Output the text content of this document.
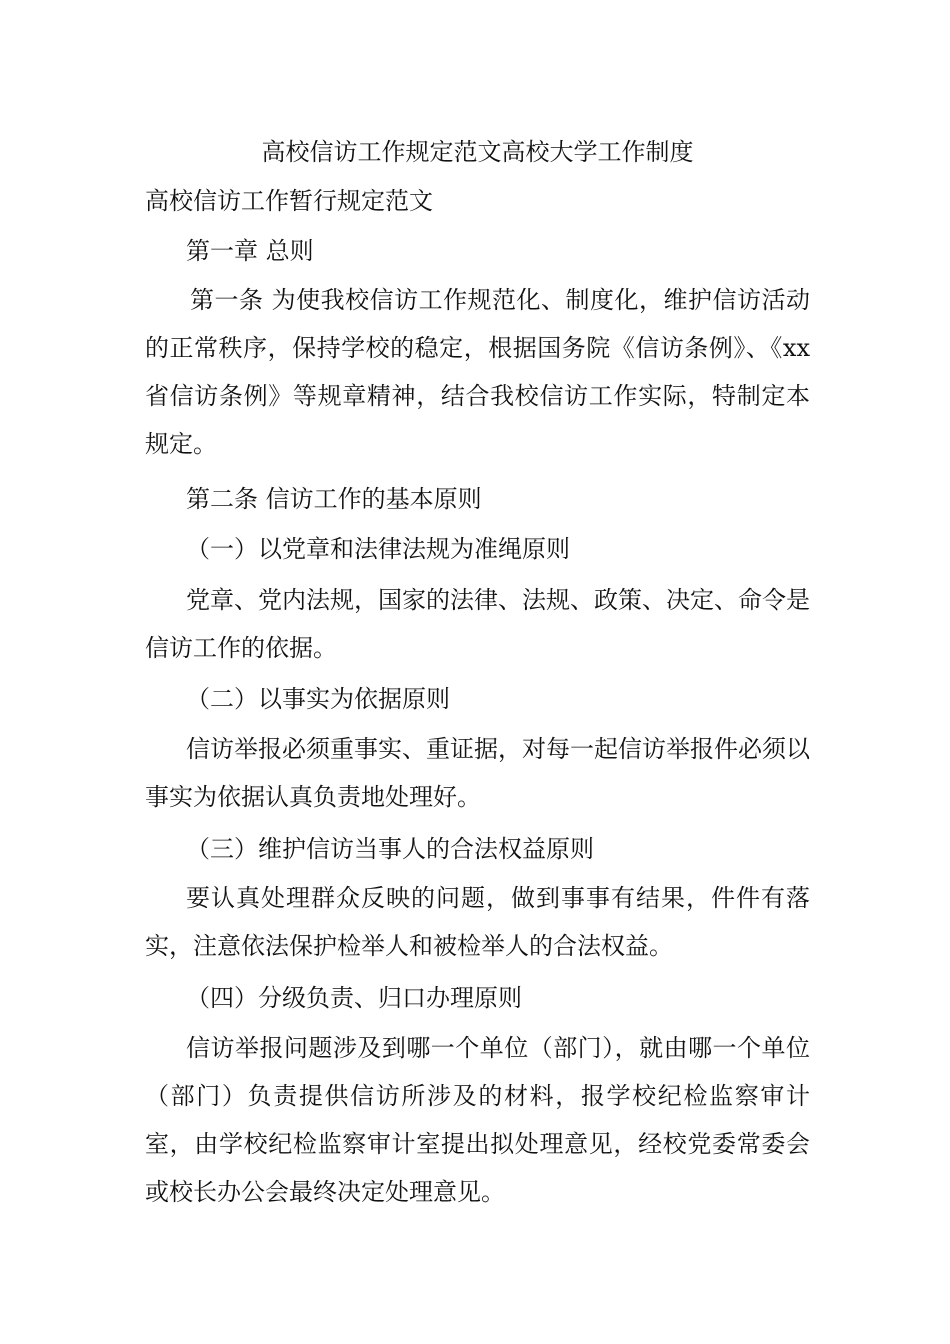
高校信访工作规定范文高校大学工作制度
高校信访工作暂行规定范文
第一章 总则
第一条 为使我校信访工作规范化、制度化，维护信访活动的正常秩序，保持学校的稳定，根据国务院《信访条例》、《xx省信访条例》等规章精神，结合我校信访工作实际，特制定本规定。
第二条 信访工作的基本原则
（一）以党章和法律法规为准绳原则
党章、党内法规，国家的法律、法规、政策、决定、命令是信访工作的依据。
（二）以事实为依据原则
信访举报必须重事实、重证据，对每一起信访举报件必须以事实为依据认真负责地处理好。
（三）维护信访当事人的合法权益原则
要认真处理群众反映的问题，做到事事有结果，件件有落实，注意依法保护检举人和被检举人的合法权益。
（四）分级负责、归口办理原则
信访举报问题涉及到哪一个单位（部门），就由哪一个单位（部门）负责提供信访所涉及的材料，报学校纪检监察审计室，由学校纪检监察审计室提出拟处理意见，经校党委常委会或校长办公会最终决定处理意见。
